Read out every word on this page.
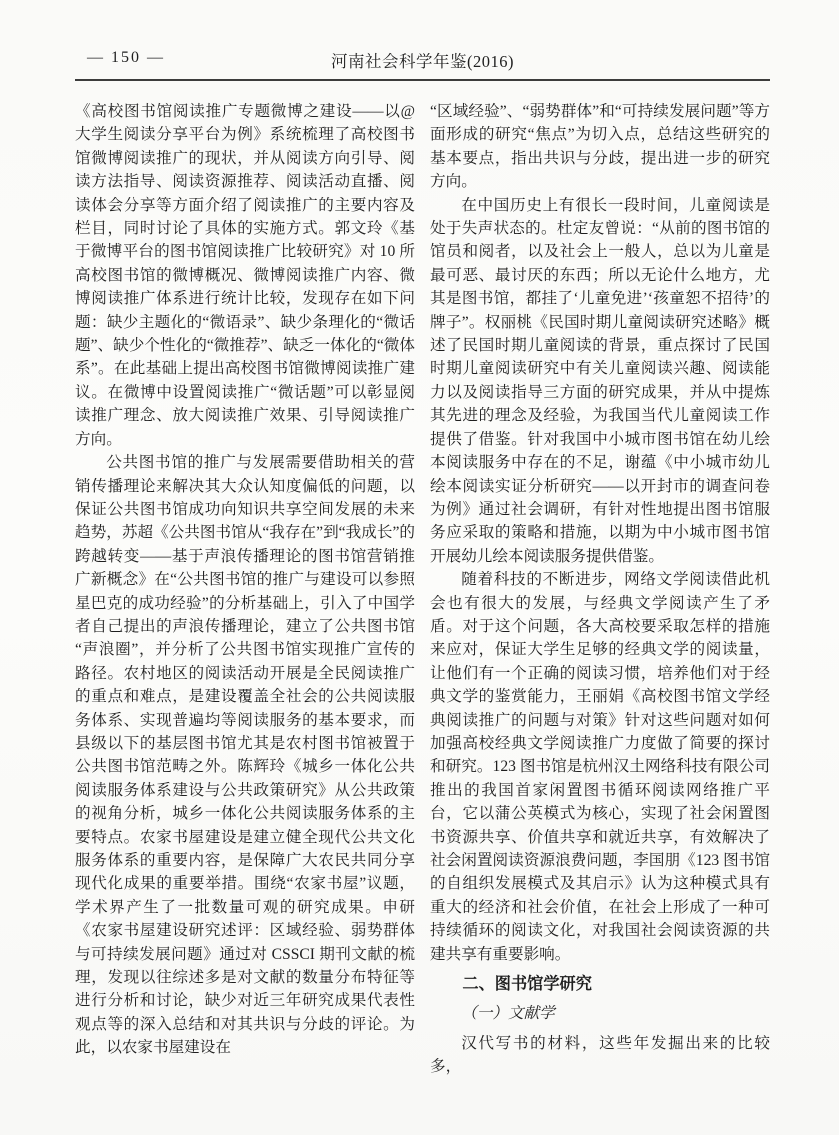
— 150 —	河南社会科学年鉴(2016)

《高校图书馆阅读推广专题微博之建设——以@大学生阅读分享平台为例》系统梳理了高校图书馆微博阅读推广的现状，并从阅读方向引导、阅读方法指导、阅读资源推荐、阅读活动直播、阅读体会分享等方面介绍了阅读推广的主要内容及栏目，同时讨论了具体的实施方式。郭文玲《基于微博平台的图书馆阅读推广比较研究》对 10 所高校图书馆的微博概况、微博阅读推广内容、微博阅读推广体系进行统计比较，发现存在如下问题：缺少主题化的“微语录”、缺少条理化的“微话题”、缺少个性化的“微推荐”、缺乏一体化的“微体系”。在此基础上提出高校图书馆微博阅读推广建议。在微博中设置阅读推广“微话题”可以彰显阅读推广理念、放大阅读推广效果、引导阅读推广方向。

公共图书馆的推广与发展需要借助相关的营销传播理论来解决其大众认知度偏低的问题，以保证公共图书馆成功向知识共享空间发展的未来趋势，苏超《公共图书馆从“我存在”到“我成长”的跨越转变——基于声浪传播理论的图书馆营销推广新概念》在“公共图书馆的推广与建设可以参照星巴克的成功经验”的分析基础上，引入了中国学者自己提出的声浪传播理论，建立了公共图书馆“声浪圈”，并分析了公共图书馆实现推广宣传的路径。农村地区的阅读活动开展是全民阅读推广的重点和难点，是建设覆盖全社会的公共阅读服务体系、实现普遍均等阅读服务的基本要求，而县级以下的基层图书馆尤其是农村图书馆被置于公共图书馆范畴之外。陈辉玲《城乡一体化公共阅读服务体系建设与公共政策研究》从公共政策的视角分析，城乡一体化公共阅读服务体系的主要特点。农家书屋建设是建立健全现代公共文化服务体系的重要内容，是保障广大农民共同分享现代化成果的重要举措。围绕“农家书屋”议题，学术界产生了一批数量可观的研究成果。申研《农家书屋建设研究述评：区域经验、弱势群体与可持续发展问题》通过对 CSSCI 期刊文献的梳理，发现以往综述多是对文献的数量分布特征等进行分析和讨论，缺少对近三年研究成果代表性观点等的深入总结和对其共识与分歧的评论。为此，以农家书屋建设在

“区域经验”、“弱势群体”和“可持续发展问题”等方面形成的研究“焦点”为切入点，总结这些研究的基本要点，指出共识与分歧，提出进一步的研究方向。

在中国历史上有很长一段时间，儿童阅读是处于失声状态的。杜定友曾说：“从前的图书馆的馆员和阅者，以及社会上一般人，总以为儿童是最可恶、最讨厌的东西；所以无论什么地方，尤其是图书馆，都挂了‘儿童免进’‘孩童恕不招待’的牌子”。权丽桃《民国时期儿童阅读研究述略》概述了民国时期儿童阅读的背景，重点探讨了民国时期儿童阅读研究中有关儿童阅读兴趣、阅读能力以及阅读指导三方面的研究成果，并从中提炼其先进的理念及经验，为我国当代儿童阅读工作提供了借鉴。针对我国中小城市图书馆在幼儿绘本阅读服务中存在的不足，谢蕴《中小城市幼儿绘本阅读实证分析研究——以开封市的调查问卷为例》通过社会调研，有针对性地提出图书馆服务应采取的策略和措施，以期为中小城市图书馆开展幼儿绘本阅读服务提供借鉴。

随着科技的不断进步，网络文学阅读借此机会也有很大的发展，与经典文学阅读产生了矛盾。对于这个问题，各大高校要采取怎样的措施来应对，保证大学生足够的经典文学的阅读量，让他们有一个正确的阅读习惯，培养他们对于经典文学的鉴赏能力，王丽娟《高校图书馆文学经典阅读推广的问题与对策》针对这些问题对如何加强高校经典文学阅读推广力度做了简要的探讨和研究。123 图书馆是杭州汉土网络科技有限公司推出的我国首家闲置图书循环阅读网络推广平台，它以蒲公英模式为核心，实现了社会闲置图书资源共享、价值共享和就近共享，有效解决了社会闲置阅读资源浪费问题，李国朋《123 图书馆的自组织发展模式及其启示》认为这种模式具有重大的经济和社会价值，在社会上形成了一种可持续循环的阅读文化，对我国社会阅读资源的共建共享有重要影响。

二、图书馆学研究

（一）文献学

汉代写书的材料，这些年发掘出来的比较多，
